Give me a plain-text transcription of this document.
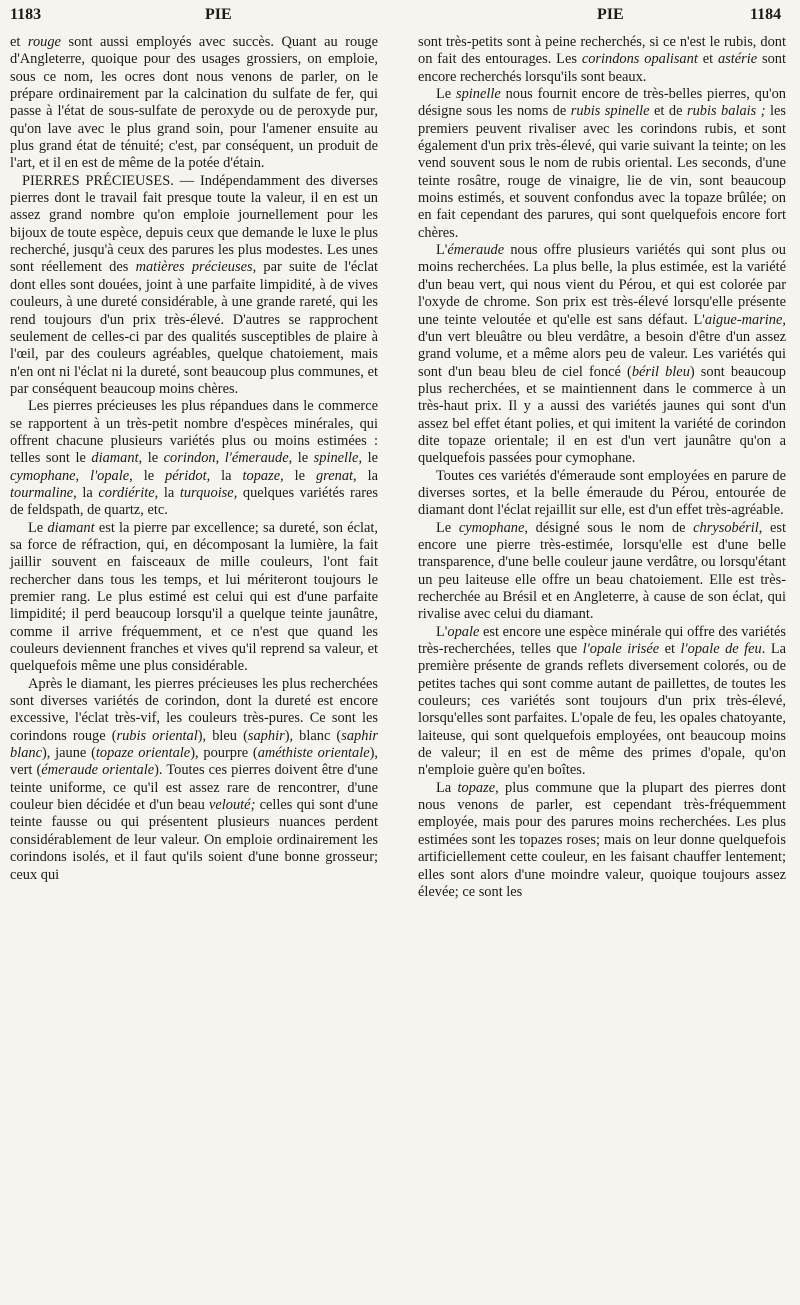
1183	PIE	PIE	1184

et rouge sont aussi employés avec succès. Quant au rouge d'Angleterre, quoique pour des usages grossiers, on emploie, sous ce nom, les ocres dont nous venons de parler, on le prépare ordinairement par la calcination du sulfate de fer, qui passe à l'état de sous-sulfate de peroxyde ou de peroxyde pur, qu'on lave avec le plus grand soin, pour l'amener ensuite au plus grand état de ténuité; c'est, par conséquent, un produit de l'art, et il en est de même de la potée d'étain.

PIERRES PRÉCIEUSES. — Indépendamment des diverses pierres dont le travail fait presque toute la valeur, il en est un assez grand nombre qu'on emploie journellement pour les bijoux de toute espèce, depuis ceux que demande le luxe le plus recherché, jusqu'à ceux des parures les plus modestes. Les unes sont réellement des matières précieuses, par suite de l'éclat dont elles sont douées, joint à une parfaite limpidité, à de vives couleurs, à une dureté considérable, à une grande rareté, qui les rend toujours d'un prix très-élevé. D'autres se rapprochent seulement de celles-ci par des qualités susceptibles de plaire à l'œil, par des couleurs agréables, quelque chatoiement, mais n'en ont ni l'éclat ni la dureté, sont beaucoup plus communes, et par conséquent beaucoup moins chères.

Les pierres précieuses les plus répandues dans le commerce se rapportent à un très-petit nombre d'espèces minérales, qui offrent chacune plusieurs variétés plus ou moins estimées : telles sont le diamant, le corindon, l'émeraude, le spinelle, le cymophane, l'opale, le péridot, la topaze, le grenat, la tourmaline, la cordiérite, la turquoise, quelques variétés rares de feldspath, de quartz, etc.

Le diamant est la pierre par excellence; sa dureté, son éclat, sa force de réfraction, qui, en décomposant la lumière, la fait jaillir souvent en faisceaux de mille couleurs, l'ont fait rechercher dans tous les temps, et lui mériteront toujours le premier rang. Le plus estimé est celui qui est d'une parfaite limpidité; il perd beaucoup lorsqu'il a quelque teinte jaunâtre, comme il arrive fréquemment, et ce n'est que quand les couleurs deviennent franches et vives qu'il reprend sa valeur, et quelquefois même une plus considérable.

Après le diamant, les pierres précieuses les plus recherchées sont diverses variétés de corindon, dont la dureté est encore excessive, l'éclat très-vif, les couleurs très-pures. Ce sont les corindons rouge (rubis oriental), bleu (saphir), blanc (saphir blanc), jaune (topaze orientale), pourpre (améthiste orientale), vert (émeraude orientale). Toutes ces pierres doivent être d'une teinte uniforme, ce qu'il est assez rare de rencontrer, d'une couleur bien décidée et d'un beau velouté; celles qui sont d'une teinte fausse ou qui présentent plusieurs nuances perdent considérablement de leur valeur. On emploie ordinairement les corindons isolés, et il faut qu'ils soient d'une bonne grosseur; ceux qui

sont très-petits sont à peine recherchés, si ce n'est le rubis, dont on fait des entourages. Les corindons opalisant et astérie sont encore recherchés lorsqu'ils sont beaux.

Le spinelle nous fournit encore de très-belles pierres, qu'on désigne sous les noms de rubis spinelle et de rubis balais ; les premiers peuvent rivaliser avec les corindons rubis, et sont également d'un prix très-élevé, qui varie suivant la teinte; on les vend souvent sous le nom de rubis oriental. Les seconds, d'une teinte rosâtre, rouge de vinaigre, lie de vin, sont beaucoup moins estimés, et souvent confondus avec la topaze brûlée; on en fait cependant des parures, qui sont quelquefois encore fort chères.

L'émeraude nous offre plusieurs variétés qui sont plus ou moins recherchées. La plus belle, la plus estimée, est la variété d'un beau vert, qui nous vient du Pérou, et qui est colorée par l'oxyde de chrome. Son prix est très-élevé lorsqu'elle présente une teinte veloutée et qu'elle est sans défaut. L'aigue-marine, d'un vert bleuâtre ou bleu verdâtre, a besoin d'être d'un assez grand volume, et a même alors peu de valeur. Les variétés qui sont d'un beau bleu de ciel foncé (béril bleu) sont beaucoup plus recherchées, et se maintiennent dans le commerce à un très-haut prix. Il y a aussi des variétés jaunes qui sont d'un assez bel effet étant polies, et qui imitent la variété de corindon dite topaze orientale; il en est d'un vert jaunâtre qu'on a quelquefois passées pour cymophane.

Toutes ces variétés d'émeraude sont employées en parure de diverses sortes, et la belle émeraude du Pérou, entourée de diamant dont l'éclat rejaillit sur elle, est d'un effet très-agréable.

Le cymophane, désigné sous le nom de chrysobéril, est encore une pierre très-estimée, lorsqu'elle est d'une belle transparence, d'une belle couleur jaune verdâtre, ou lorsqu'étant un peu laiteuse elle offre un beau chatoiement. Elle est très-recherchée au Brésil et en Angleterre, à cause de son éclat, qui rivalise avec celui du diamant.

L'opale est encore une espèce minérale qui offre des variétés très-recherchées, telles que l'opale irisée et l'opale de feu. La première présente de grands reflets diversement colorés, ou de petites taches qui sont comme autant de paillettes, de toutes les couleurs; ces variétés sont toujours d'un prix très-élevé, lorsqu'elles sont parfaites. L'opale de feu, les opales chatoyante, laiteuse, qui sont quelquefois employées, ont beaucoup moins de valeur; il en est de même des primes d'opale, qu'on n'emploie guère qu'en boîtes.

La topaze, plus commune que la plupart des pierres dont nous venons de parler, est cependant très-fréquemment employée, mais pour des parures moins recherchées. Les plus estimées sont les topazes roses; mais on leur donne quelquefois artificiellement cette couleur, en les faisant chauffer lentement; elles sont alors d'une moindre valeur, quoique toujours assez élevée; ce sont les
